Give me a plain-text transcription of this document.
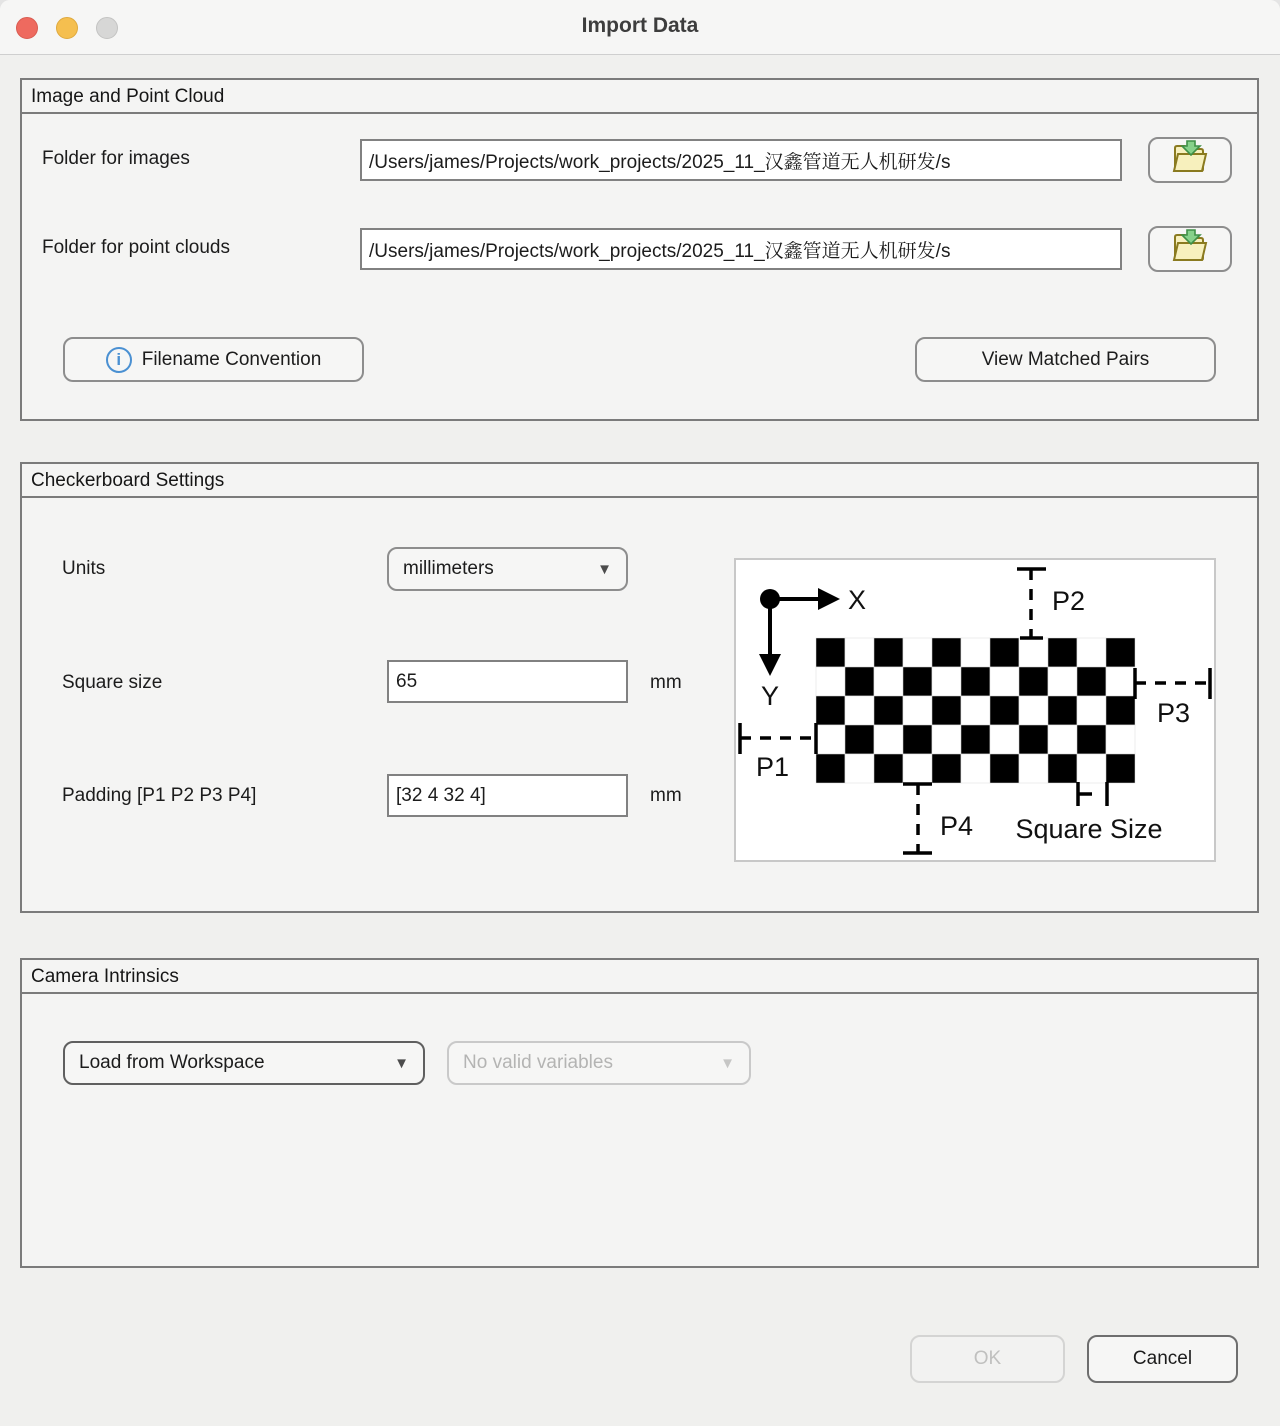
Import Data
Image and Point Cloud
Folder for images
/Users/james/Projects/work_projects/2025_11_汉鑫管道无人机研发/s
Folder for point clouds
/Users/james/Projects/work_projects/2025_11_汉鑫管道无人机研发/s
i	Filename Convention	View Matched Pairs
Checkerboard Settings
Units	millimeters	▼
Square size
65	mm
Padding [P1 P2 P3 P4]
[32 4 32 4]	mm
X
Y
P2
P3
P1
P4 Square Size
Camera Intrinsics
Load from Workspace	▼	No valid variables	▼
OK	Cancel
